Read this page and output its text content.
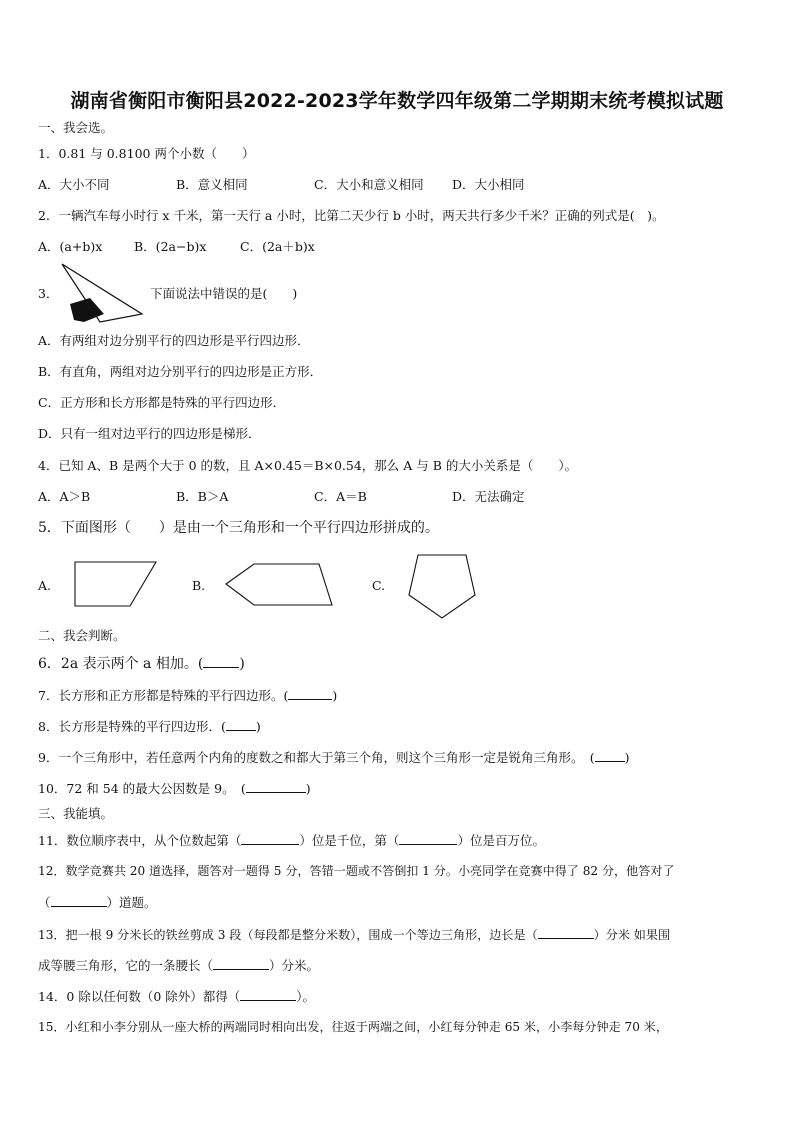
湖南省衡阳市衡阳县2022-2023学年数学四年级第二学期期末统考模拟试题
一、我会选。
1．0.81 与 0.8100 两个小数（　　）
A．大小不同	B．意义相同	C．大小和意义相同 D．大小相同
2．一辆汽车每小时行 x 千米，第一天行 a 小时，比第二天少行 b 小时，两天共行多少千米？正确的列式是(　)。
A．(a+b)x	B．(2a−b)x	C．(2a＋b)x
3．	下面说法中错误的是(　　)
A．有两组对边分别平行的四边形是平行四边形．
B．有直角，两组对边分别平行的四边形是正方形．
C．正方形和长方形都是特殊的平行四边形．
D．只有一组对边平行的四边形是梯形．
4．已知 A、B 是两个大于 0 的数，且 A×0.45＝B×0.54，那么 A 与 B 的大小关系是（　　）。
A．A＞B	B．B＞A	C．A＝B	D．无法确定
5．下面图形（　　）是由一个三角形和一个平行四边形拼成的。
A.	B.	C.
二、我会判断。
6．2a 表示两个 a 相加。(	)
7．长方形和正方形都是特殊的平行四边形。(	)
8．长方形是特殊的平行四边形．( )
9．一个三角形中，若任意两个内角的度数之和都大于第三个角，则这个三角形一定是锐角三角形。　( )
10．72 和 54 的最大公因数是 9。　(	)
三、我能填。
11．数位顺序表中，从个位数起第（	）位是千位，第（	）位是百万位。
12．数学竞赛共 20 道选择，题答对一题得 5 分，答错一题或不答倒扣 1 分。小亮同学在竞赛中得了 82 分，他答对了
（	）道题。
13．把一根 9 分米长的铁丝剪成 3 段（每段都是整分米数），围成一个等边三角形，边长是（	）分米 如果围
成等腰三角形，它的一条腰长（	）分米。
14．0 除以任何数（0 除外）都得（	）。
15．小红和小李分别从一座大桥的两端同时相向出发，往返于两端之间，小红每分钟走 65 米，小李每分钟走 70 米，
